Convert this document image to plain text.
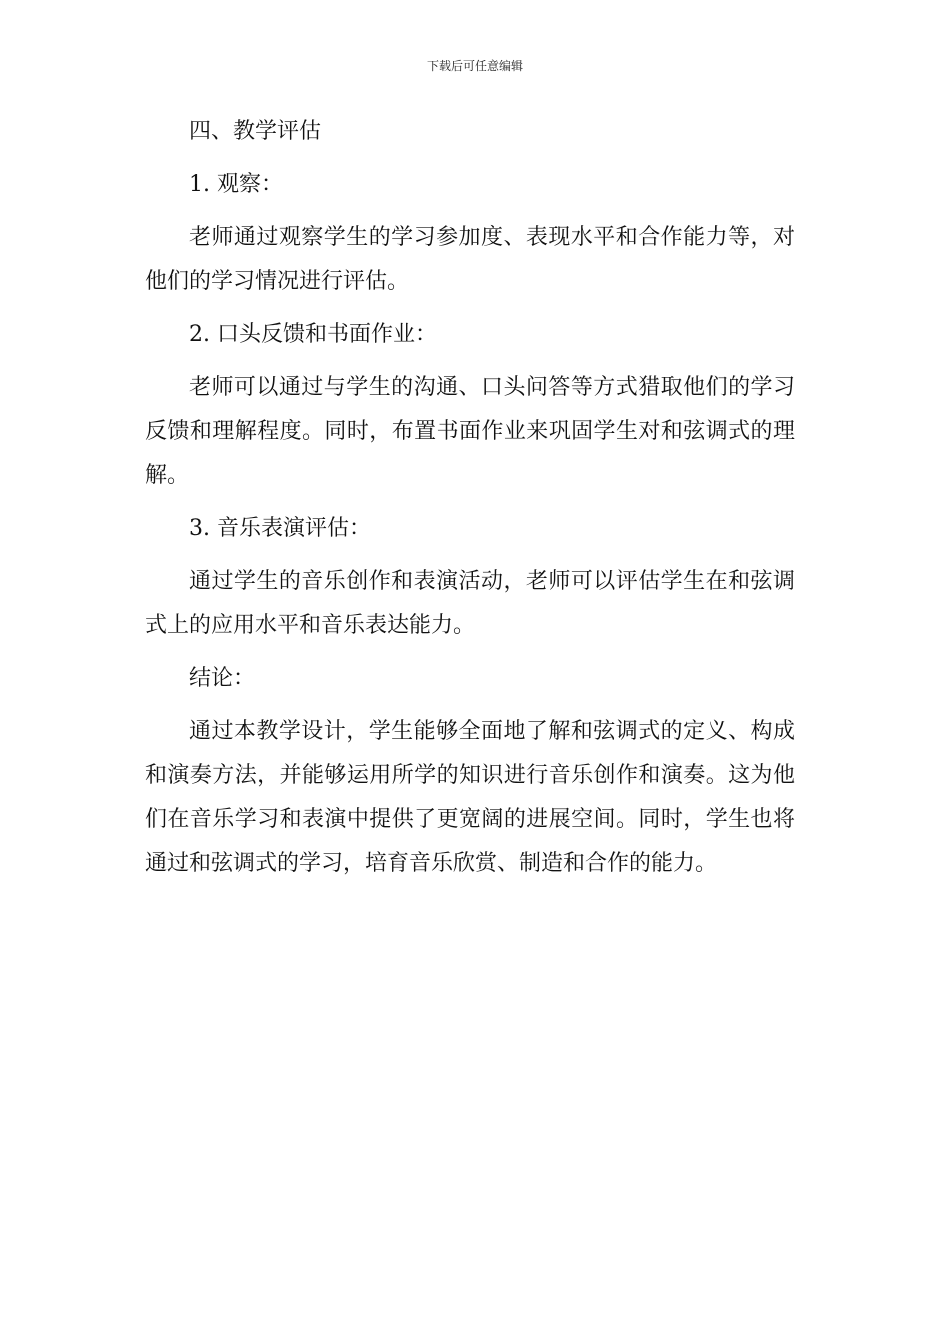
下载后可任意编辑

四、教学评估

1. 观察：

老师通过观察学生的学习参加度、表现水平和合作能力等，对他们的学习情况进行评估。

2. 口头反馈和书面作业：

老师可以通过与学生的沟通、口头问答等方式猎取他们的学习反馈和理解程度。同时，布置书面作业来巩固学生对和弦调式的理解。

3. 音乐表演评估：

通过学生的音乐创作和表演活动，老师可以评估学生在和弦调式上的应用水平和音乐表达能力。

结论：

通过本教学设计，学生能够全面地了解和弦调式的定义、构成和演奏方法，并能够运用所学的知识进行音乐创作和演奏。这为他们在音乐学习和表演中提供了更宽阔的进展空间。同时，学生也将通过和弦调式的学习，培育音乐欣赏、制造和合作的能力。
